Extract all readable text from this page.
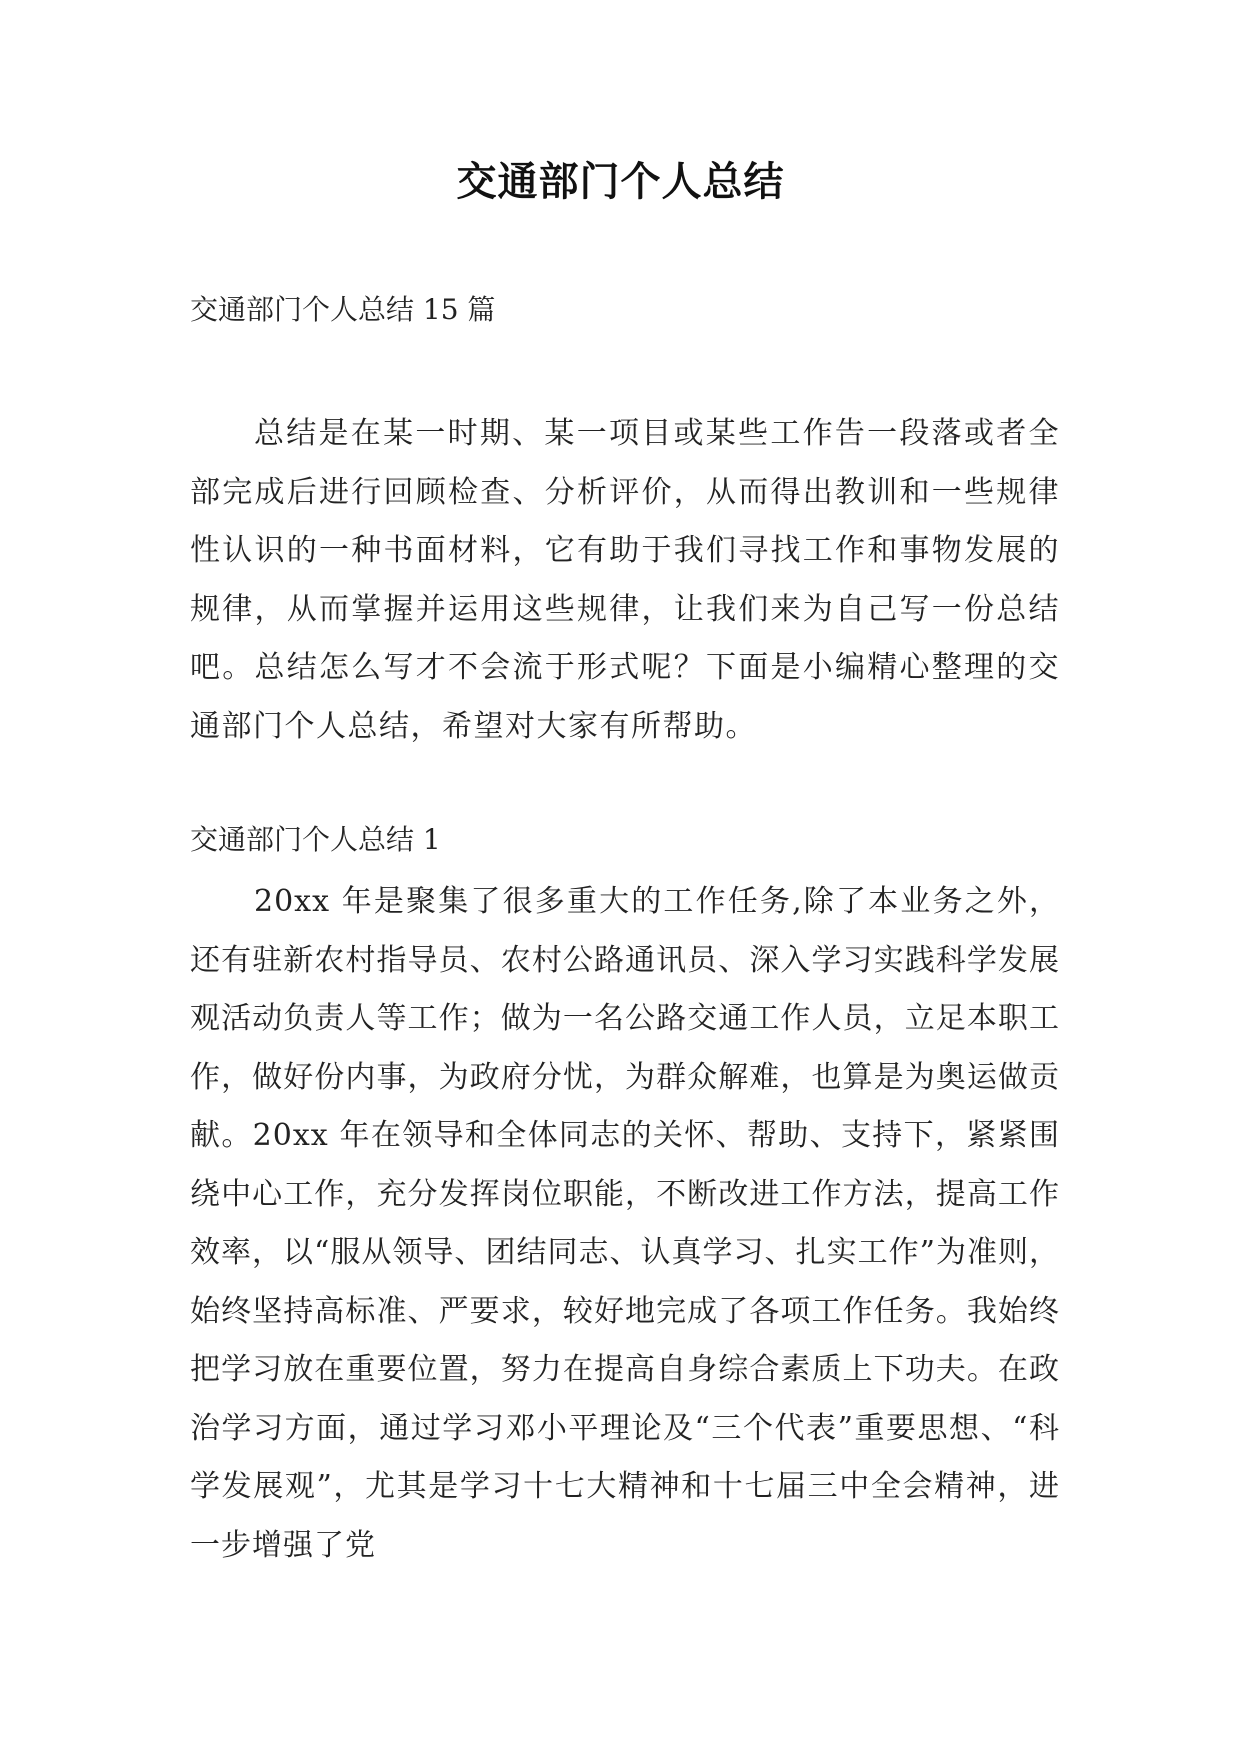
交通部门个人总结
交通部门个人总结 15 篇

总结是在某一时期、某一项目或某些工作告一段落或者全部完成后进行回顾检查、分析评价，从而得出教训和一些规律性认识的一种书面材料，它有助于我们寻找工作和事物发展的规律，从而掌握并运用这些规律，让我们来为自己写一份总结吧。总结怎么写才不会流于形式呢？下面是小编精心整理的交通部门个人总结，希望对大家有所帮助。

交通部门个人总结 1

20xx 年是聚集了很多重大的工作任务,除了本业务之外，还有驻新农村指导员、农村公路通讯员、深入学习实践科学发展观活动负责人等工作；做为一名公路交通工作人员，立足本职工作，做好份内事，为政府分忧，为群众解难，也算是为奥运做贡献。20xx 年在领导和全体同志的关怀、帮助、支持下，紧紧围绕中心工作，充分发挥岗位职能，不断改进工作方法，提高工作效率，以“服从领导、团结同志、认真学习、扎实工作”为准则，始终坚持高标准、严要求，较好地完成了各项工作任务。我始终把学习放在重要位置，努力在提高自身综合素质上下功夫。在政治学习方面，通过学习邓小平理论及“三个代表”重要思想、“科学发展观”，尤其是学习十七大精神和十七届三中全会精神，进一步增强了党
